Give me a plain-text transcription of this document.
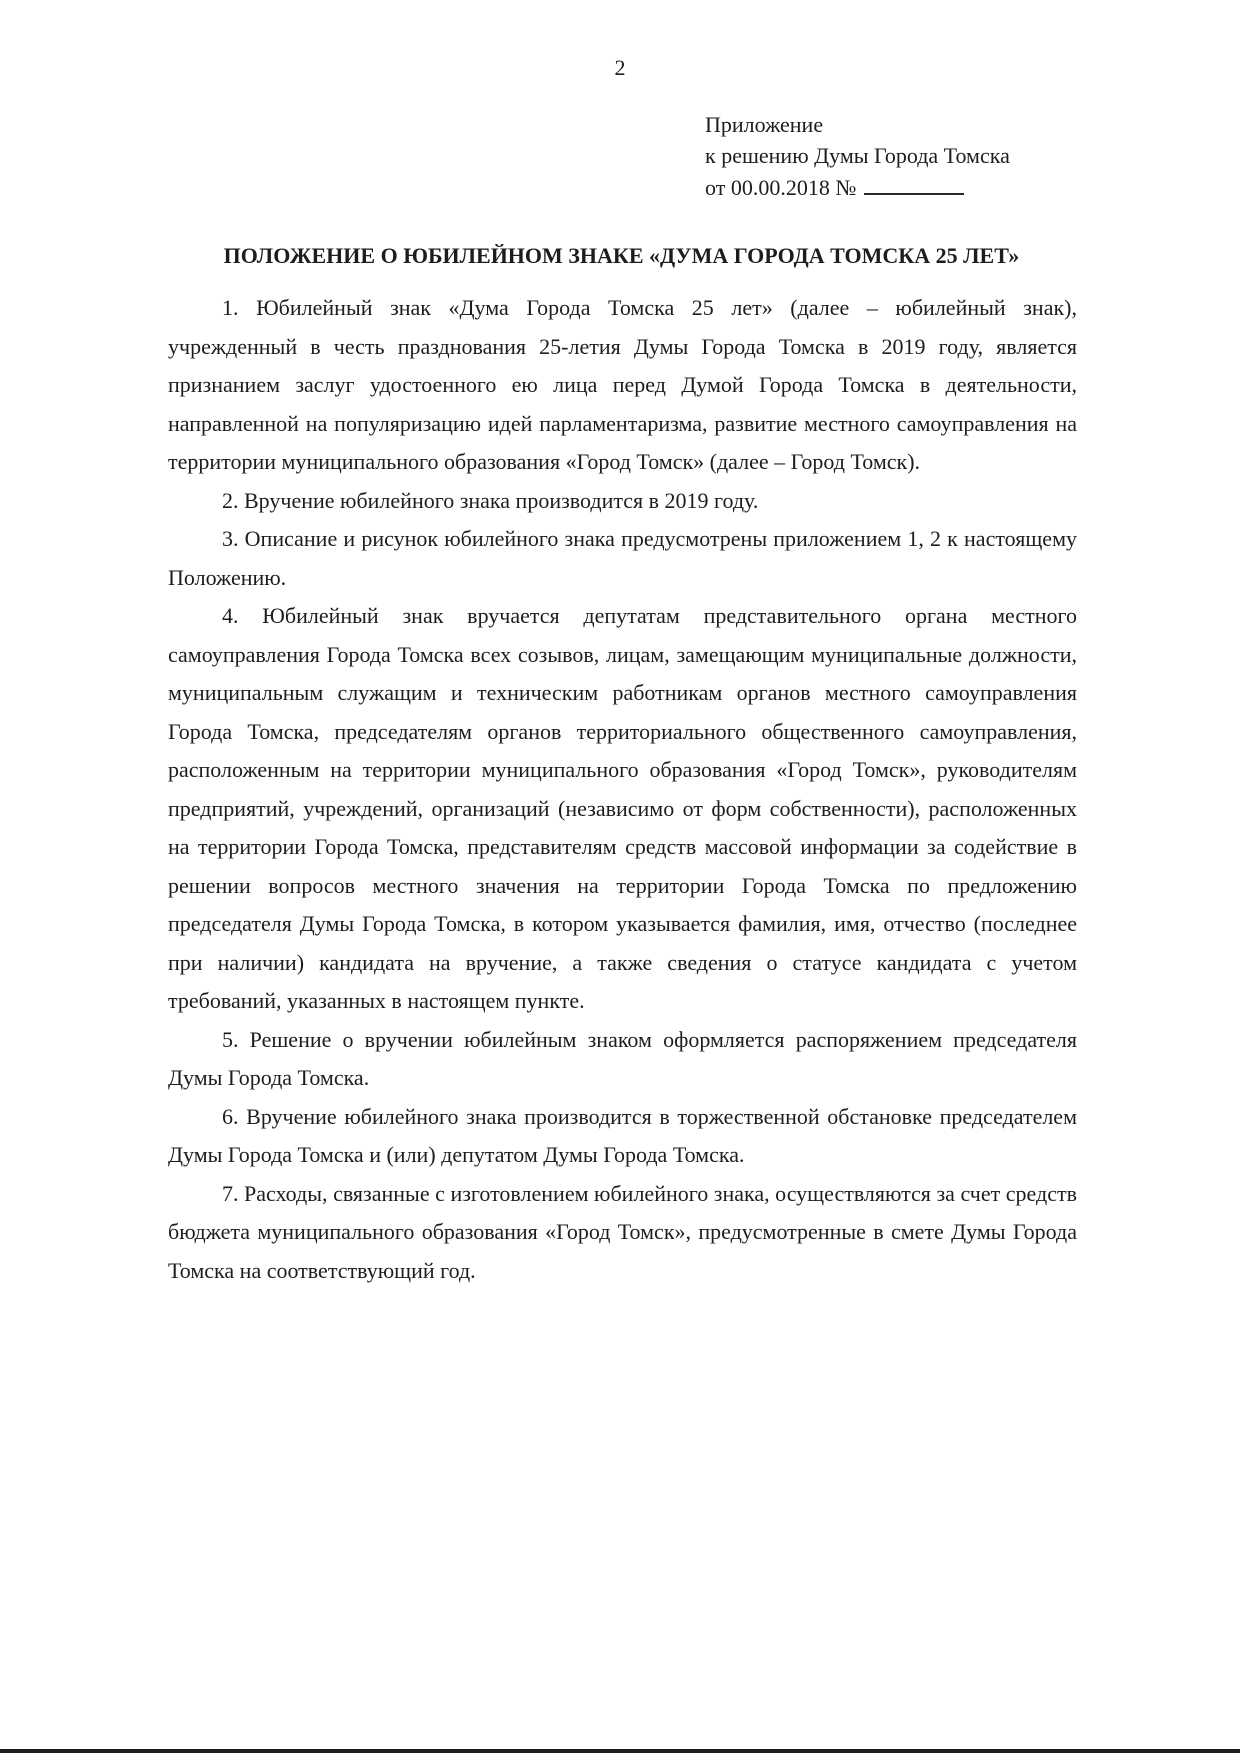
2
Приложение
к решению Думы Города Томска
от 00.00.2018 №
ПОЛОЖЕНИЕ О ЮБИЛЕЙНОМ ЗНАКЕ «ДУМА ГОРОДА ТОМСКА 25 ЛЕТ»

1. Юбилейный знак «Дума Города Томска 25 лет» (далее – юбилейный знак), учрежденный в честь празднования 25-летия Думы Города Томска в 2019 году, является признанием заслуг удостоенного ею лица перед Думой Города Томска в деятельности, направленной на популяризацию идей парламентаризма, развитие местного самоуправления на территории муниципального образования «Город Томск» (далее – Город Томск).

2. Вручение юбилейного знака производится в 2019 году.

3. Описание и рисунок юбилейного знака предусмотрены приложением 1, 2 к настоящему Положению.

4. Юбилейный знак вручается депутатам представительного органа местного самоуправления Города Томска всех созывов, лицам, замещающим муниципальные должности, муниципальным служащим и техническим работникам органов местного самоуправления Города Томска, председателям органов территориального общественного самоуправления, расположенным на территории муниципального образования «Город Томск», руководителям предприятий, учреждений, организаций (независимо от форм собственности), расположенных на территории Города Томска, представителям средств массовой информации за содействие в решении вопросов местного значения на территории Города Томска по предложению председателя Думы Города Томска, в котором указывается фамилия, имя, отчество (последнее при наличии) кандидата на вручение, а также сведения о статусе кандидата с учетом требований, указанных в настоящем пункте.

5. Решение о вручении юбилейным знаком оформляется распоряжением председателя Думы Города Томска.

6. Вручение юбилейного знака производится в торжественной обстановке председателем Думы Города Томска и (или) депутатом Думы Города Томска.

7. Расходы, связанные с изготовлением юбилейного знака, осуществляются за счет средств бюджета муниципального образования «Город Томск», предусмотренные в смете Думы Города Томска на соответствующий год.
